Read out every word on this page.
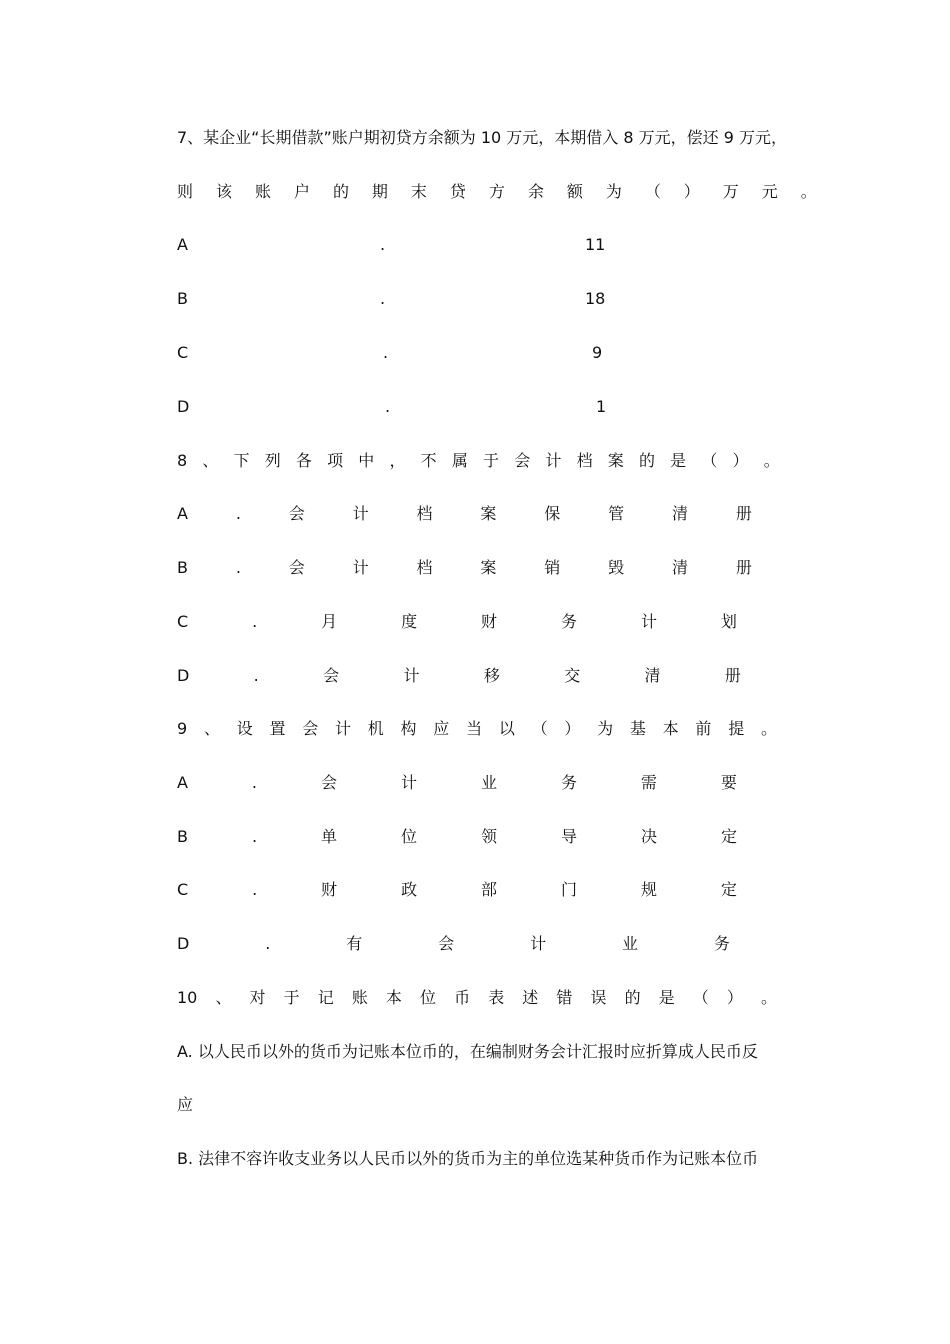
7、某企业“长期借款”账户期初贷方余额为 10 万元，本期借入 8 万元，偿还 9 万元，
则 该 账 户 的 期 末 贷 方 余 额 为 （ ） 万 元 。
A	.	11
B	.	18
C	.	9
D	.	1
8 、 下 列 各 项 中 ， 不 属 于 会 计 档 案 的 是 （ ） 。
A	.	会	计	档	案	保	管	清	册
B	.	会	计	档	案	销	毁	清	册
C	.	月	度	财	务	计	划
D	.	会	计	移	交	清	册
9 、 设 置 会 计 机 构 应 当 以 （ ） 为 基 本 前 提 。
A	.	会	计	业	务	需	要
B	.	单	位	领	导	决	定
C	.	财	政	部	门	规	定
D	.	有	会	计	业	务
10 、 对 于 记 账 本 位 币 表 述 错 误 的 是 （ ） 。
A. 以人民币以外的货币为记账本位币的，在编制财务会计汇报时应折算成人民币反
应
B. 法律不容许收支业务以人民币以外的货币为主的单位选某种货币作为记账本位币
